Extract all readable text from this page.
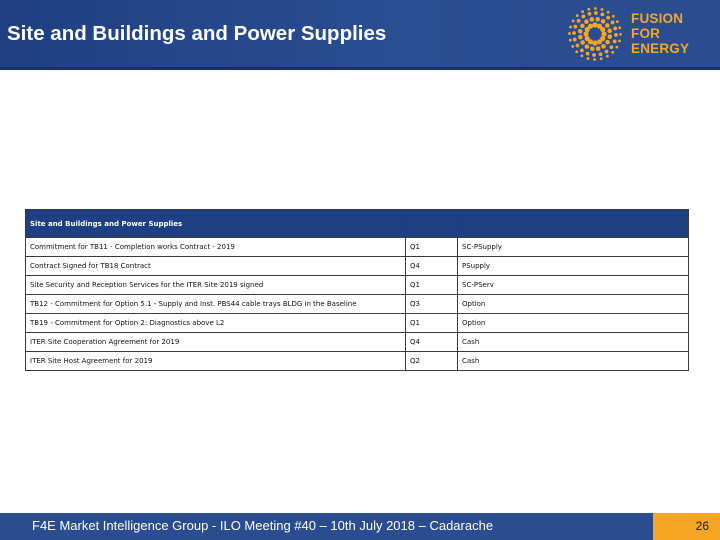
Site and Buildings and Power Supplies
FUSION
FOR
ENERGY
Site and Buildings and Power Supplies		
Commitment for TB11 - Completion works Contract - 2019	Q1	SC-PSupply
Contract Signed for TB18 Contract	Q4	PSupply
Site Security and Reception Services for the ITER Site 2019 signed	Q1	SC-PServ
TB12 - Commitment for Option 5.1 - Supply and Inst. PBS44 cable trays BLDG in the Baseline	Q3	Option
TB19 - Commitment for Option 2: Diagnostics above L2	Q1	Option
ITER Site Cooperation Agreement for 2019	Q4	Cash
ITER Site Host Agreement for 2019	Q2	Cash
F4E Market Intelligence Group - ILO Meeting #40 – 10th July 2018 – Cadarache	26
